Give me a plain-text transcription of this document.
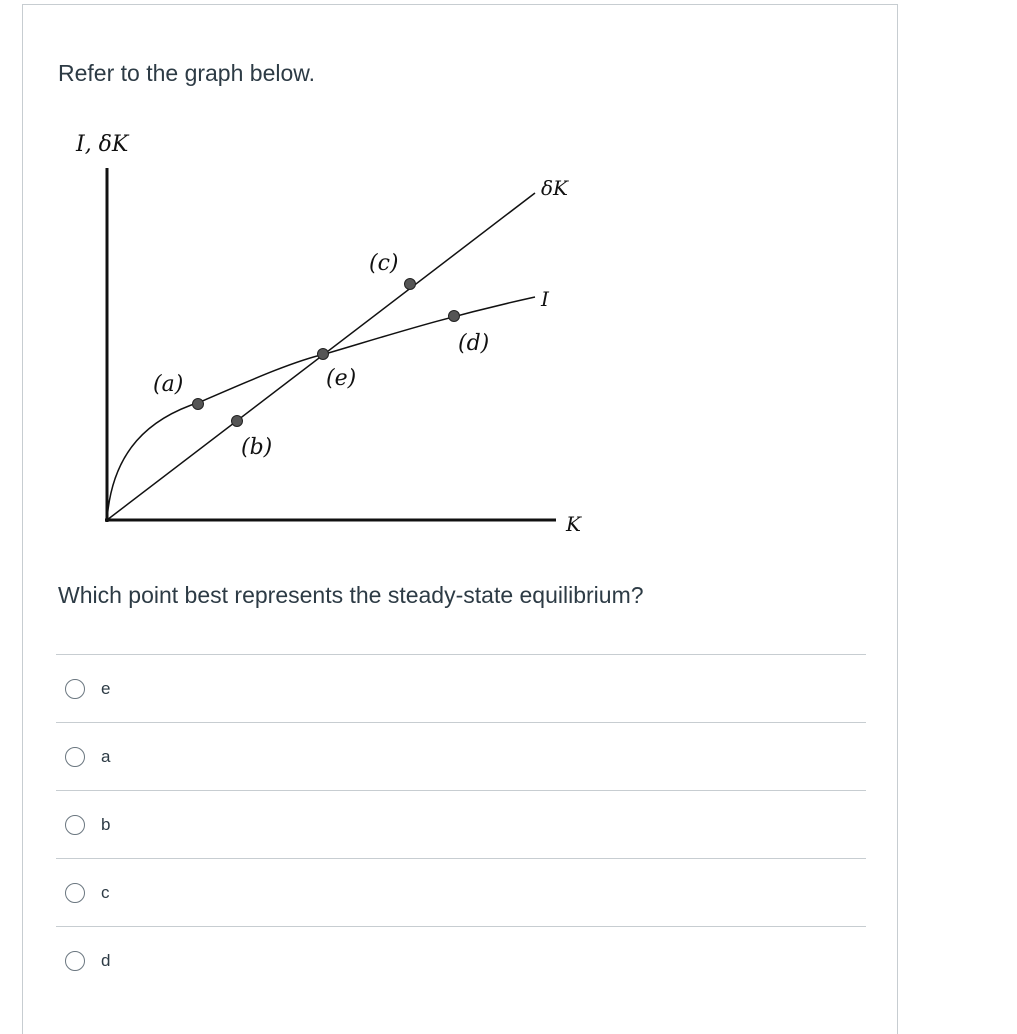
Refer to the graph below.

I, δK
K
δK
I
(a)
(b)
(c)
(d)
(e)

Which point best represents the steady-state equilibrium?

e
a
b
c
d
